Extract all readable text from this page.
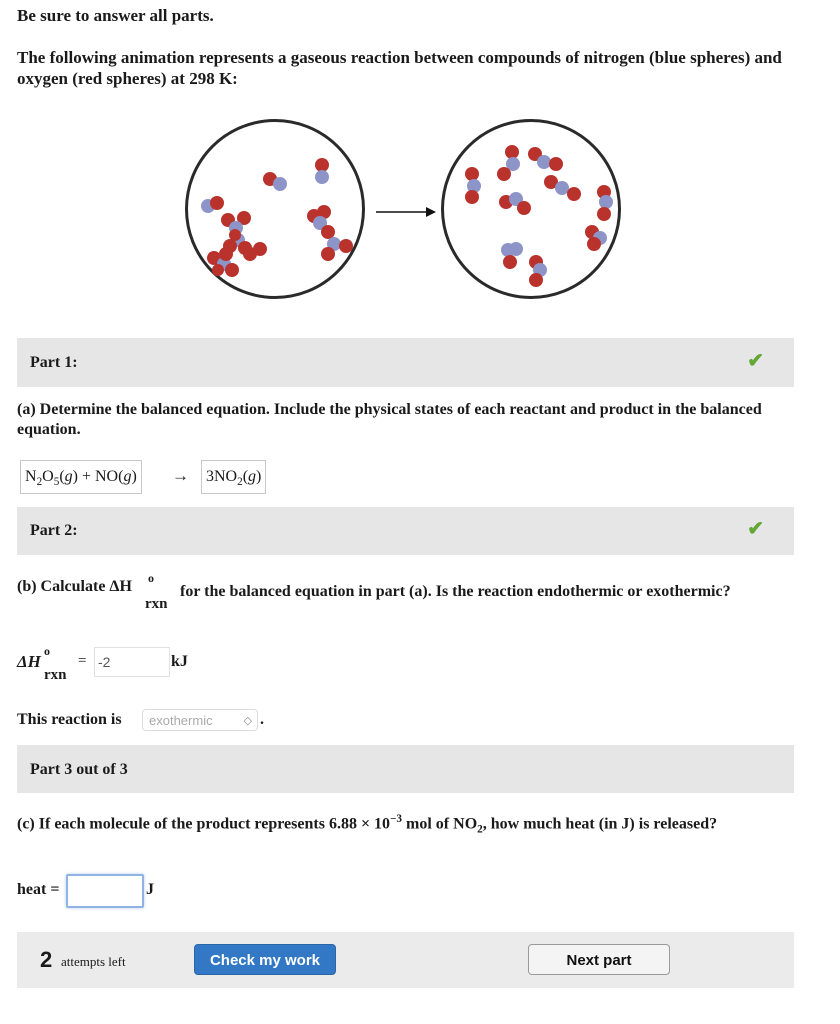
Be sure to answer all parts.
The following animation represents a gaseous reaction between compounds of nitrogen (blue spheres) and oxygen (red spheres) at 298 K:
Part 1:	✔
(a) Determine the balanced equation. Include the physical states of each reactant and product in the balanced equation.
$N_2O_5(g) + NO(g)$ →	$3NO_2(g)$
Part 2:	✔
(b) Calculate ΔH o
rxn
for the balanced equation in part (a). Is the reaction endothermic or exothermic?
ΔH
o
rxn
= -2	kJ
This reaction is	exothermic	◇ .
Part 3 out of 3
(c) If each molecule of the product represents $6.88 \times 10^{-3}$ mol of $NO_2$, how much heat (in J) is released?
heat =	J
2 attempts left	Check my work	Next part
